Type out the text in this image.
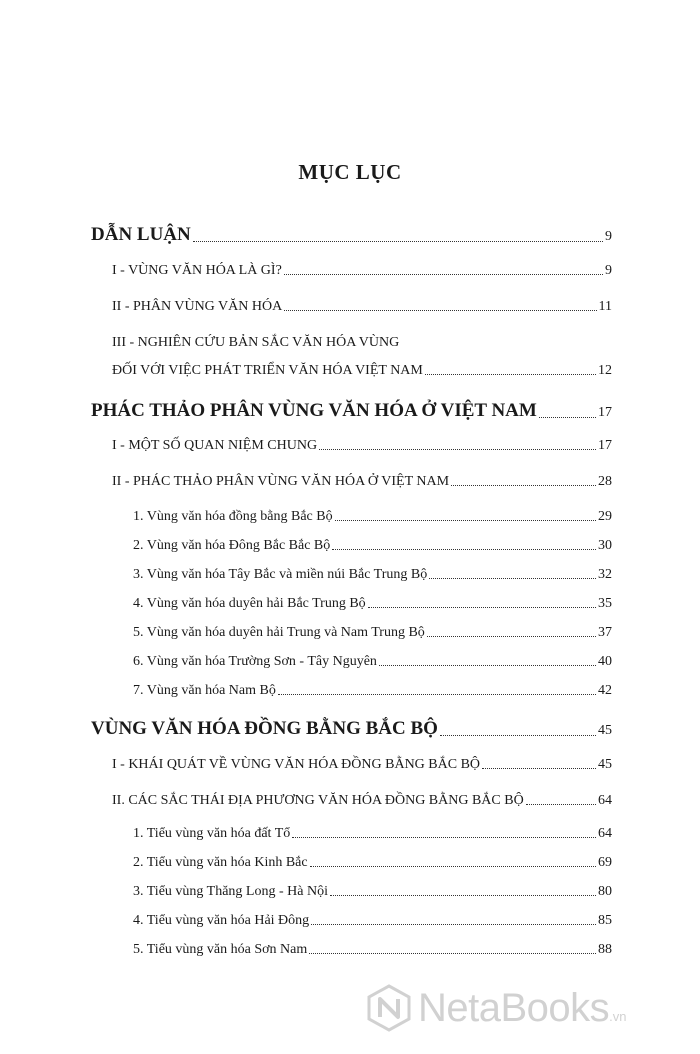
MỤC LỤC
DẪN LUẬN	9
I - VÙNG VĂN HÓA LÀ GÌ?	9
II - PHÂN VÙNG VĂN HÓA	11
III - NGHIÊN CỨU BẢN SẮC VĂN HÓA VÙNG
ĐỐI VỚI VIỆC PHÁT TRIỂN VĂN HÓA VIỆT NAM	12
PHÁC THẢO PHÂN VÙNG VĂN HÓA Ở VIỆT NAM	17
I - MỘT SỐ QUAN NIỆM CHUNG	17
II - PHÁC THẢO PHÂN VÙNG VĂN HÓA Ở VIỆT NAM	28
1. Vùng văn hóa đồng bằng Bắc Bộ	29
2. Vùng văn hóa Đông Bắc Bắc Bộ	30
3. Vùng văn hóa Tây Bắc và miền núi Bắc Trung Bộ	32
4. Vùng văn hóa duyên hải Bắc Trung Bộ	35
5. Vùng văn hóa duyên hải Trung và Nam Trung Bộ	37
6. Vùng văn hóa Trường Sơn - Tây Nguyên	40
7. Vùng văn hóa Nam Bộ	42
VÙNG VĂN HÓA ĐỒNG BẰNG BẮC BỘ	45
I - KHÁI QUÁT VỀ VÙNG VĂN HÓA ĐỒNG BẰNG BẮC BỘ	45
II. CÁC SẮC THÁI ĐỊA PHƯƠNG VĂN HÓA ĐỒNG BẰNG BẮC BỘ	64
1. Tiểu vùng văn hóa đất Tổ	64
2. Tiểu vùng văn hóa Kinh Bắc	69
3. Tiểu vùng Thăng Long - Hà Nội	80
4. Tiểu vùng văn hóa Hải Đông	85
5. Tiểu vùng văn hóa Sơn Nam	88
NetaBooks .vn
